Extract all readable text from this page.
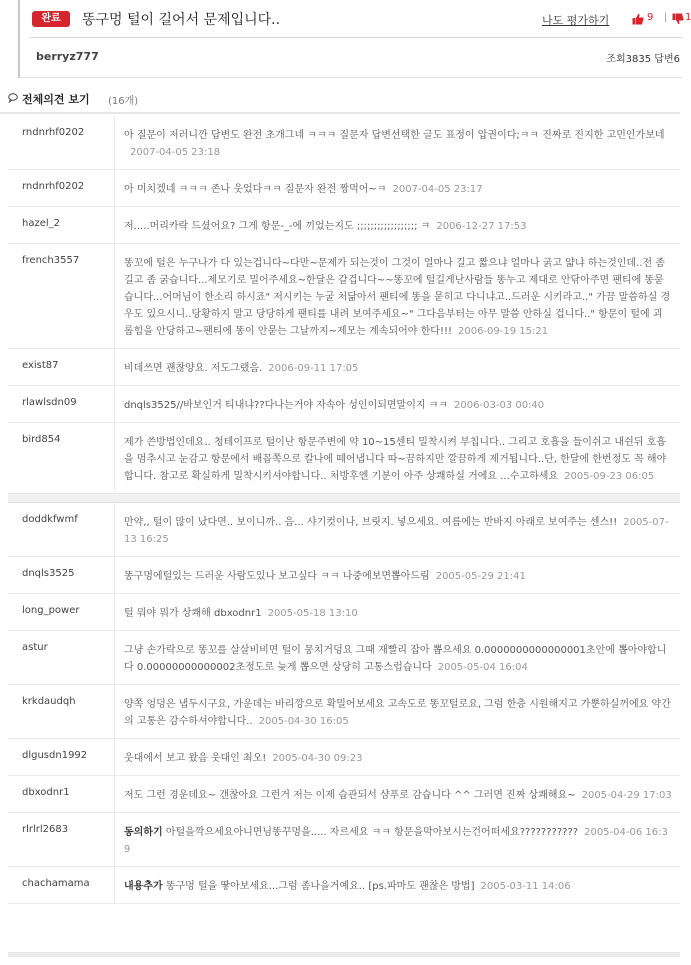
완료	똥구멍 털이 길어서 문제입니다..	나도 평가하기	9 | 1
berryz777	조회3835 답변6
전체의견 보기 (16개)
rndnrhf0202	아 질문이 저러니깐 답변도 완전 초개그네 ㅋㅋㅋ 질문자 답변선택한 글도 표정이 압권이다;ㅋㅋ 진짜로 진지한 고민인가보네2007-04-05 23:18
rndnrhf0202	아 미치겠네 ㅋㅋㅋ 존나 웃었다ㅋㅋ 질문자 완전 짱먹어~ㅋ 2007-04-05 23:17
hazel_2	저.....머리카락 드셨어요? 그게 항문-_-에 끼었는지도 ;;;;;;;;;;;;;;;;;; ㅋ 2006-12-27 17:53
french3557	똥꼬에 털은 누구나가 다 있는겁니다~다만~문제가 되는것이 그것이 얼마나 길고 짧으냐 얼마나 굵고 얇냐 하는것인데..전 좀 길고 좀 굵습니다...제모기로 밀어주세요~한달은 갈겁니다~~똥꼬에 털길게난사람들 똥누고 제대로 안닦아주면 팬티에 똥묻습니다...어머님이 한소리 하시죠" 저시키는 누굴 처닮아서 팬티에 똥을 묻히고 다니냐고..드러운 시키라고.." 가끔 말씀하실 경우도 있으시니..당황하지 말고 당당하게 팬티를 내려 보여주세요~" 그다음부터는 아무 말씀 안하실 겁니다.." 항문이 털에 괴롭힘을 안당하고~팬티에 똥이 안묻는 그날까지~제모는 계속되어야 한다!!! 2006-09-19 15:21
exist87	비데쓰면 괜찮양요. 저도그랬음. 2006-09-11 17:05
rlawlsdn09	dnqls3525//바보인거 티내냐??다나는거야 자속아 성인이되면말이지 ㅋㅋ 2006-03-03 00:40
bird854	제가 쓴방법인데요.. 청테이프로 털이난 항문주변에 약 10~15센티 밀착시켜 부칩니다.. 그리고 호흡을 들이쉬고 내쉰뒤 호흡을 멈추시고 눈감고 항문에서 배꼽쪽으로 칼나에 떼어냅니다 따~끔하지만 깔끔하게 제거됩니다..단, 한달에 한번정도 꼭 해야합니다. 참고로 확실하게 밀착시키셔야합니다.. 처방후엔 기분이 아주 상쾌하실 거에요 ...수고하세요 2005-09-23 06:05
doddkfwmf	만약,, 털이 많이 났다면.. 보이니까.. 음... 샤기컷이나, 브릿지. 넣으세요. 여름에는 반바지 아래로 보여주는 센스!! 2005-07-13 16:25
dnqls3525	똥구멍에털있는 드러운 사람도있나 보고싶다 ㅋㅋ 나중에보면뽑아드림 2005-05-29 21:41
long_power	털 뭐야 뭐가 상쾌해 dbxodnr1 2005-05-18 13:10
astur	그냥 손가락으로 똥꼬를 살살비비면 털이 뭉치거덩요 그때 재빨리 잡아 뽑으세요 0.0000000000000001초안에 뽑아야합니다 0.00000000000002초정도로 늦게 뽑으면 상당히 고통스럽습니다 2005-05-04 16:04
krkdaudqh	양쪽 엉덩은 냅두시구요, 가운데는 바리깡으로 확밀어보세요 고속도로 똥꼬털로요, 그럼 한층 시원해지고 가뿐하실꺼에요 약간의 고통은 감수하셔야합니다.. 2005-04-30 16:05
dlgusdn1992	웃대에서 보고 왔음 웃대인 최오! 2005-04-30 09:23
dbxodnr1	저도 그런 경운데요~ 갠찮아요 그런거 저는 이제 습관되서 샴푸로 감습니다 ^^ 그러면 진짜 상쾌해요~ 2005-04-29 17:03
rlrlrl2683	동의하기 아털을깍으세요아니면님똥꾸멍을..... 자르세요 ㅋㅋ 항문을막아보시는건어떠세요??????????? 2005-04-06 16:39
chachamama	내용추가 똥구멍 털을 땋아보세요...그럼 좀나을거예요.. [ps.파마도 괜찮은 방법] 2005-03-11 14:06
